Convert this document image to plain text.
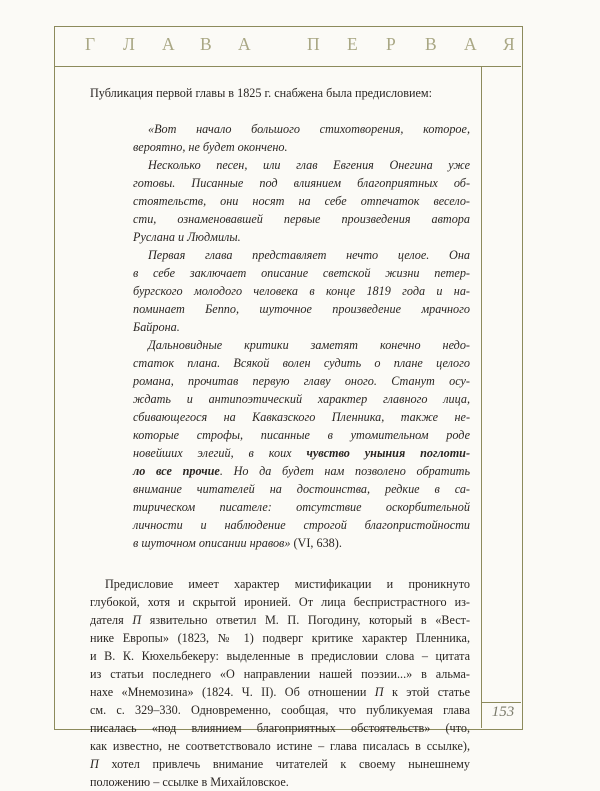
Г Л А В А	П Е Р В А Я
Публикация первой главы в 1825 г. снабжена была предисловием:
«Вот начало большого стихотворения, которое,
вероятно, не будет окончено.
Несколько песен, или глав Евгения Онегина уже
готовы. Писанные под влиянием благоприятных об-
стоятельств, они носят на себе отпечаток весело-
сти, ознаменовавшей первые произведения автора
Руслана и Людмилы.
Первая глава представляет нечто целое. Она
в себе заключает описание светской жизни петер-
бургского молодого человека в конце 1819 года и на-
поминает Беппо, шуточное произведение мрачного
Байрона.
Дальновидные критики заметят конечно недо-
статок плана. Всякой волен судить о плане целого
романа, прочитав первую главу оного. Станут осу-
ждать и антипоэтический характер главного лица,
сбивающегося на Кавказского Пленника, также не-
которые строфы, писанные в утомительном роде
новейших элегий, в коих чувство уныния поглоти-
ло все прочие. Но да будет нам позволено обратить
внимание читателей на достоинства, редкие в са-
тирическом писателе: отсутствие оскорбительной
личности и наблюдение строгой благопристойности
в шуточном описании нравов» (VI, 638).
Предисловие имеет характер мистификации и проникнуто
глубокой, хотя и скрытой иронией. От лица беспристрастного из-
дателя П язвительно ответил М. П. Погодину, который в «Вест-
нике Европы» (1823, № 1) подверг критике характер Пленника,
и В. К. Кюхельбекеру: выделенные в предисловии слова – цитата
из статьи последнего «О направлении нашей поэзии...» в альма-
нахе «Мнемозина» (1824. Ч. II). Об отношении П к этой статье
см. с. 329–330. Одновременно, сообщая, что публикуемая глава
писалась «под влиянием благоприятных обстоятельств» (что,
как известно, не соответствовало истине – глава писалась в ссылке),
П хотел привлечь внимание читателей к своему нынешнему
положению – ссылке в Михайловское.
153
